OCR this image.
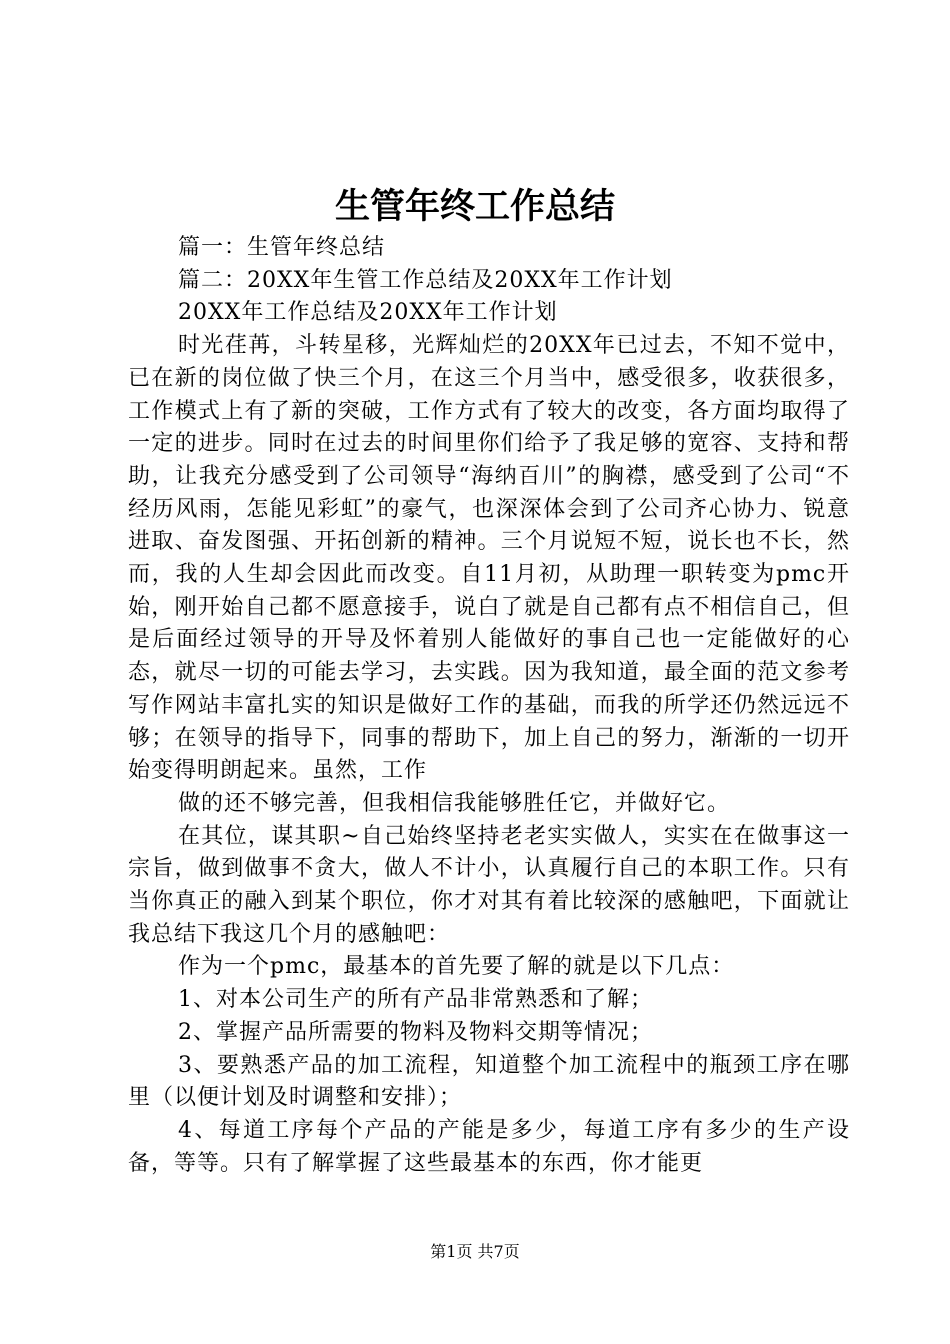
生管年终工作总结

篇一：生管年终总结

篇二：20XX年生管工作总结及20XX年工作计划

20XX年工作总结及20XX年工作计划

时光荏苒，斗转星移，光辉灿烂的20XX年已过去，不知不觉中，已在新的岗位做了快三个月，在这三个月当中，感受很多，收获很多，工作模式上有了新的突破，工作方式有了较大的改变，各方面均取得了一定的进步。同时在过去的时间里你们给予了我足够的宽容、支持和帮助，让我充分感受到了公司领导“海纳百川”的胸襟，感受到了公司“不经历风雨，怎能见彩虹”的豪气，也深深体会到了公司齐心协力、锐意进取、奋发图强、开拓创新的精神。三个月说短不短，说长也不长，然而，我的人生却会因此而改变。自11月初，从助理一职转变为pmc开始，刚开始自己都不愿意接手，说白了就是自己都有点不相信自己，但是后面经过领导的开导及怀着别人能做好的事自己也一定能做好的心态，就尽一切的可能去学习，去实践。因为我知道，最全面的范文参考写作网站丰富扎实的知识是做好工作的基础，而我的所学还仍然远远不够；在领导的指导下，同事的帮助下，加上自己的努力，渐渐的一切开始变得明朗起来。虽然，工作

做的还不够完善，但我相信我能够胜任它，并做好它。

在其位，谋其职~自己始终坚持老老实实做人，实实在在做事这一宗旨，做到做事不贪大，做人不计小，认真履行自己的本职工作。只有当你真正的融入到某个职位，你才对其有着比较深的感触吧，下面就让我总结下我这几个月的感触吧：

作为一个pmc，最基本的首先要了解的就是以下几点：

1、对本公司生产的所有产品非常熟悉和了解；

2、掌握产品所需要的物料及物料交期等情况；

3、要熟悉产品的加工流程，知道整个加工流程中的瓶颈工序在哪里（以便计划及时调整和安排）；

4、每道工序每个产品的产能是多少，每道工序有多少的生产设备，等等。只有了解掌握了这些最基本的东西，你才能更

第1页 共7页
